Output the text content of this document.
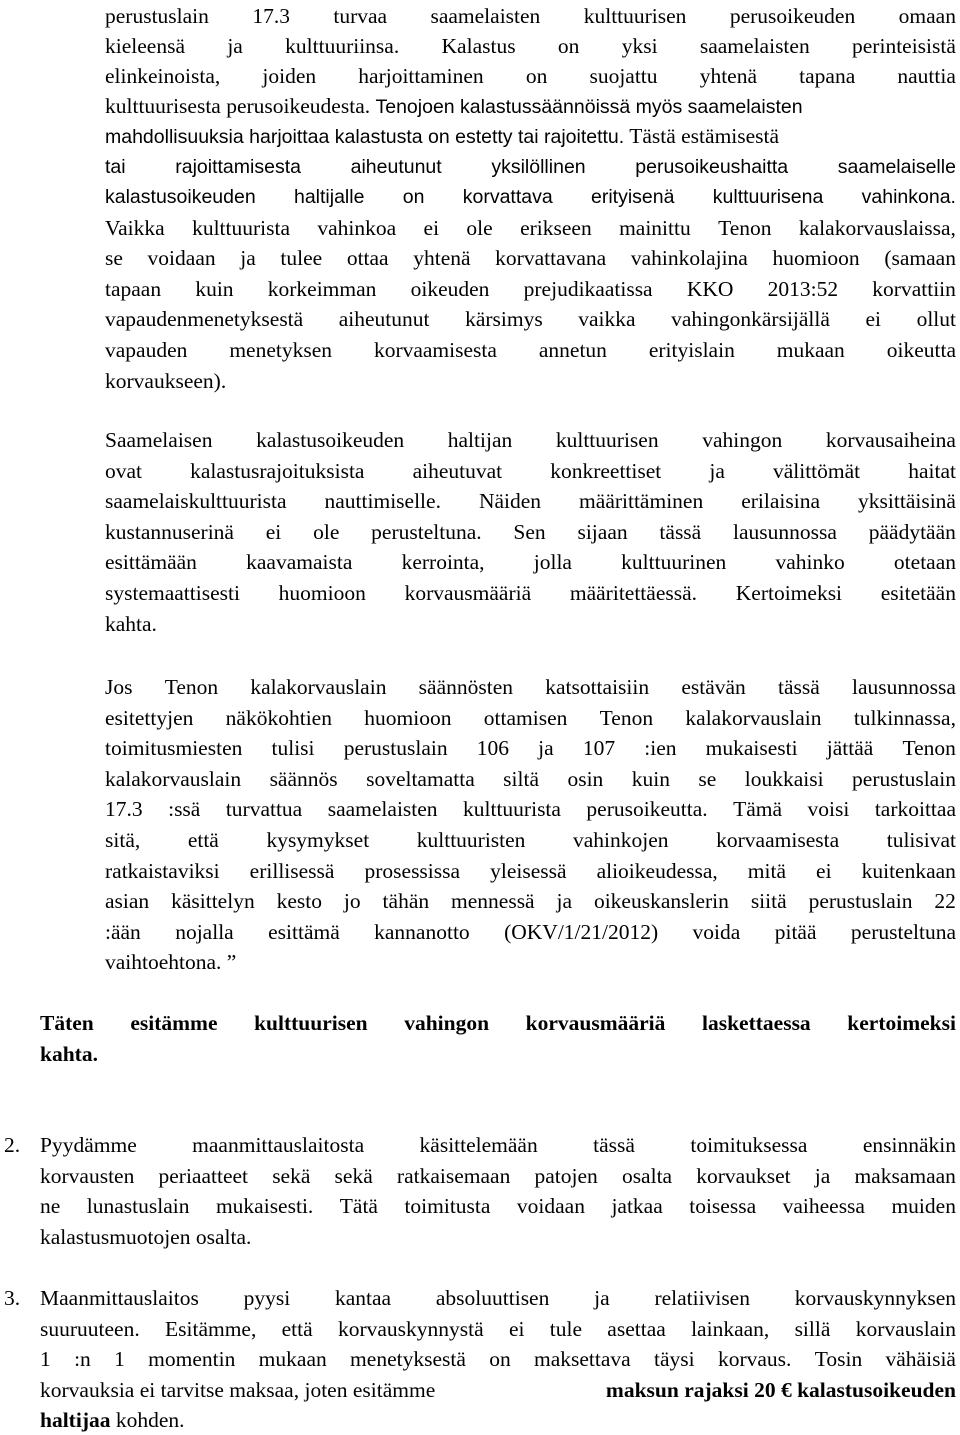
perustuslain 17.3 turvaa saamelaisten kulttuurisen perusoikeuden omaan
kieleensä ja kulttuuriinsa. Kalastus on yksi saamelaisten perinteisistä
elinkeinoista, joiden harjoittaminen on suojattu yhtenä tapana nauttia
kulttuurisesta perusoikeudesta. Tenojoen kalastussäännöissä myös saamelaisten
mahdollisuuksia harjoittaa kalastusta on estetty tai rajoitettu. Tästä estämisestä
tai	rajoittamisesta	aiheutunut	yksilöllinen	perusoikeushaitta	saamelaiselle
kalastusoikeuden haltijalle on korvattava erityisenä kulttuurisena vahinkona.
Vaikka kulttuurista vahinkoa ei ole erikseen mainittu Tenon kalakorvauslaissa,
se voidaan ja tulee ottaa yhtenä korvattavana vahinkolajina huomioon (samaan
tapaan kuin korkeimman oikeuden prejudikaatissa KKO 2013:52 korvattiin
vapaudenmenetyksestä aiheutunut kärsimys vaikka vahingonkärsijällä ei ollut
vapauden menetyksen korvaamisesta annetun erityislain mukaan oikeutta
korvaukseen).
Saamelaisen kalastusoikeuden haltijan kulttuurisen vahingon korvausaiheina
ovat kalastusrajoituksista aiheutuvat konkreettiset ja välittömät haitat
saamelaiskulttuurista nauttimiselle. Näiden määrittäminen erilaisina yksittäisinä
kustannuserinä ei ole perusteltuna. Sen sijaan tässä lausunnossa päädytään
esittämään kaavamaista kerrointa, jolla kulttuurinen vahinko otetaan
systemaattisesti huomioon korvausmääriä määritettäessä. Kertoimeksi esitetään
kahta.
Jos Tenon kalakorvauslain säännösten katsottaisiin estävän tässä lausunnossa
esitettyjen näkökohtien huomioon ottamisen Tenon kalakorvauslain tulkinnassa,
toimitusmiesten tulisi perustuslain 106 ja 107 :ien mukaisesti jättää Tenon
kalakorvauslain säännös soveltamatta siltä osin kuin se loukkaisi perustuslain
17.3 :ssä turvattua saamelaisten kulttuurista perusoikeutta. Tämä voisi tarkoittaa
sitä, että kysymykset kulttuuristen vahinkojen korvaamisesta tulisivat
ratkaistaviksi erillisessä prosessissa yleisessä alioikeudessa, mitä ei kuitenkaan
asian käsittelyn kesto jo tähän mennessä ja oikeuskanslerin siitä perustuslain 22
:ään nojalla esittämä kannanotto (OKV/1/21/2012) voida pitää perusteltuna
vaihtoehtona. ”
Täten esitämme kulttuurisen vahingon korvausmääriä laskettaessa kertoimeksi
kahta.
2. Pyydämme	maanmittauslaitosta	käsittelemään	tässä	toimituksessa	ensinnäkin
korvausten periaatteet sekä sekä ratkaisemaan patojen osalta korvaukset ja maksamaan
ne lunastuslain mukaisesti. Tätä toimitusta voidaan jatkaa toisessa vaiheessa muiden
kalastusmuotojen osalta.
3. Maanmittauslaitos pyysi kantaa absoluuttisen ja relatiivisen korvauskynnyksen
suuruuteen. Esitämme, että korvauskynnystä ei tule asettaa lainkaan, sillä korvauslain
1 :n 1 momentin mukaan menetyksestä on maksettava täysi korvaus. Tosin vähäisiä
korvauksia ei tarvitse maksaa, joten esitämme	maksun rajaksi 20 € kalastusoikeuden
haltijaa kohden.
